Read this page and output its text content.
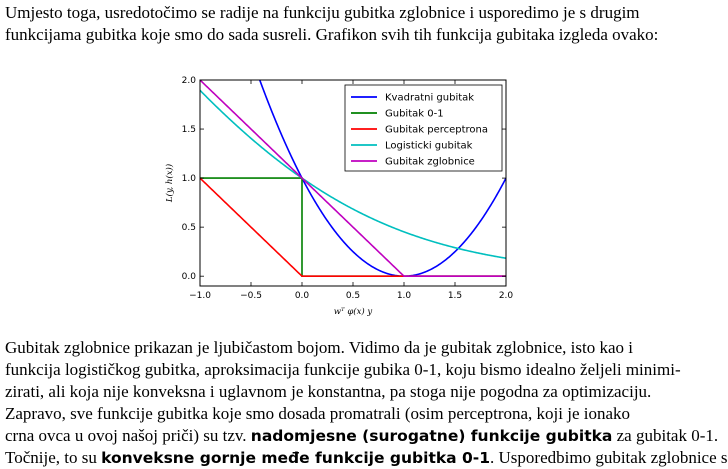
Umjesto toga, usredotočimo se radije na funkciju gubitka zglobnice i usporedimo je s drugim
funkcijama gubitka koje smo do sada susreli. Grafikon svih tih funkcija gubitaka izgleda ovako:
−1.0	−0.5	0.0	0.5	1.0	1.5	2.0
0.0
0.5
1.0
1.5
2.0
wᵀ φ(x) y
L(y, h(x))
Kvadratni gubitak
Gubitak 0-1
Gubitak perceptrona
Logisticki gubitak
Gubitak zglobnice
Gubitak zglobnice prikazan je ljubičastom bojom. Vidimo da je gubitak zglobnice, isto kao i
funkcija logističkog gubitka, aproksimacija funkcije gubika 0-1, koju bismo idealno željeli minimi-
zirati, ali koja nije konveksna i uglavnom je konstantna, pa stoga nije pogodna za optimizaciju.
Zapravo, sve funkcije gubitka koje smo dosada promatrali (osim perceptrona, koji je ionako
crna ovca u ovoj našoj priči) su tzv. nadomjesne (surogatne) funkcije gubitka za gubitak 0-1.
Točnije, to su konveksne gornje međe funkcije gubitka 0-1. Usporedbimo gubitak zglobnice s
